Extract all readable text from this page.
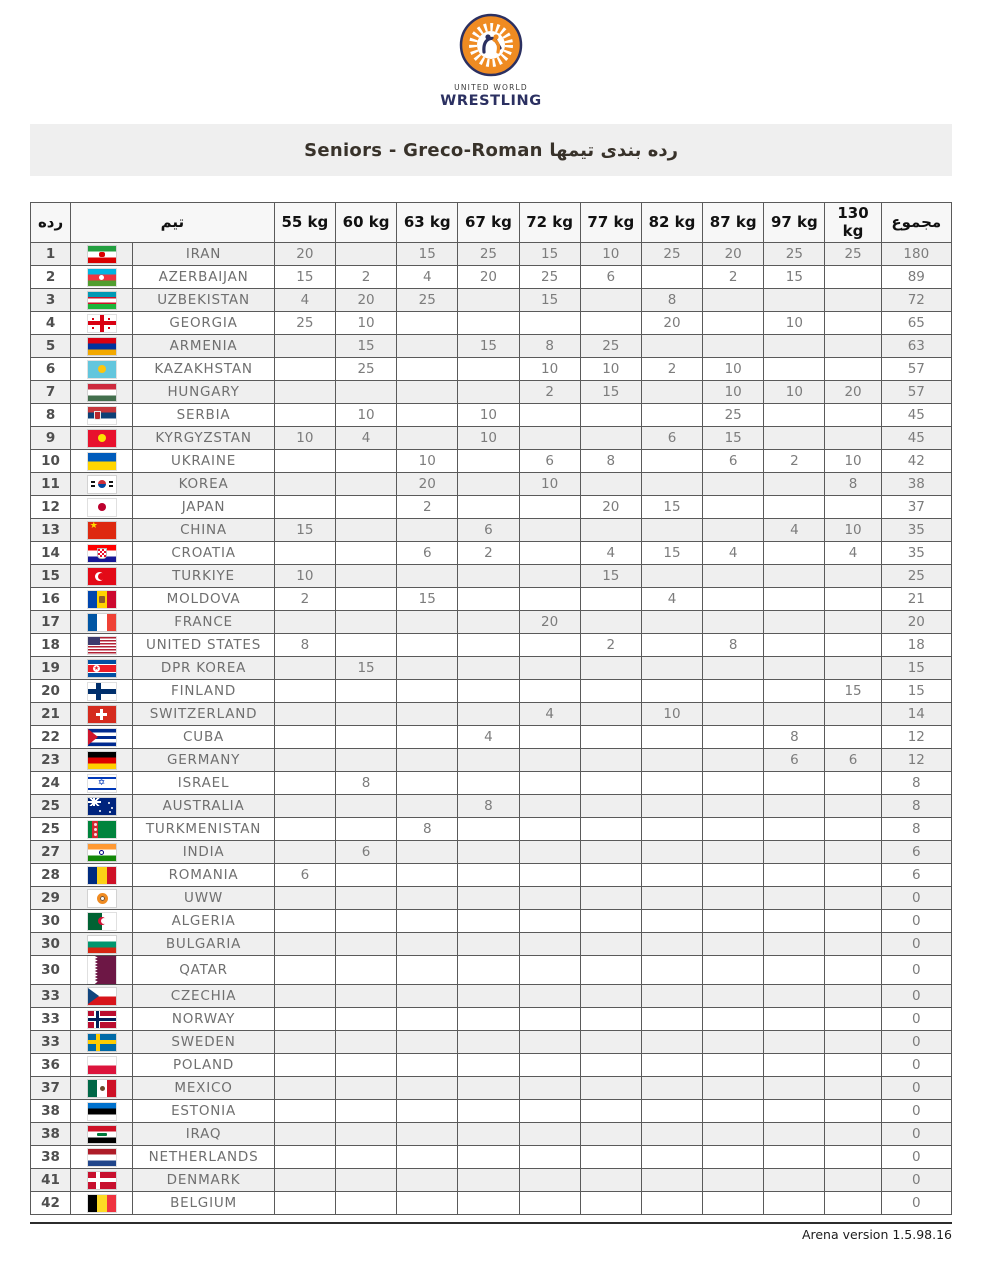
UNITED WORLD
WRESTLING
Seniors - Greco-Roman رده بندی تیمها
رده	تیم		55 kg	60 kg	63 kg	67 kg	72 kg	77 kg	82 kg	87 kg	97 kg	130 kg	مجموع
1		IRAN	20		15	25	15	10	25	20	25	25	180
2		AZERBAIJAN	15	2	4	20	25	6		2	15		89
3		UZBEKISTAN	4	20	25		15		8				72
4		GEORGIA	25	10					20		10		65
5		ARMENIA		15		15	8	25					63
6		KAZAKHSTAN		25			10	10	2	10			57
7		HUNGARY					2	15		10	10	20	57
8		SERBIA		10		10				25			45
9		KYRGYZSTAN	10	4		10			6	15			45
10		UKRAINE			10		6	8		6	2	10	42
11		KOREA			20		10					8	38
12		JAPAN			2			20	15				37
13	★	CHINA	15			6					4	10	35
14		CROATIA			6	2		4	15	4		4	35
15		TURKIYE	10					15					25
16		MOLDOVA	2		15				4				21
17		FRANCE					20						20
18		UNITED STATES	8					2		8			18
19	★	DPR KOREA		15									15
20		FINLAND										15	15
21		SWITZERLAND					4		10				14
22		CUBA				4					8		12
23		GERMANY									6	6	12
24	✡	ISRAEL		8									8
25		AUSTRALIA				8							8
25		TURKMENISTAN			8								8
27		INDIA		6									6
28		ROMANIA	6										6
29		UWW											0
30		ALGERIA											0
30		BULGARIA											0
30		QATAR											0
33		CZECHIA											0
33		NORWAY											0
33		SWEDEN											0
36		POLAND											0
37		MEXICO											0
38		ESTONIA											0
38		IRAQ											0
38		NETHERLANDS											0
41		DENMARK											0
42		BELGIUM											0
Arena version 1.5.98.16
